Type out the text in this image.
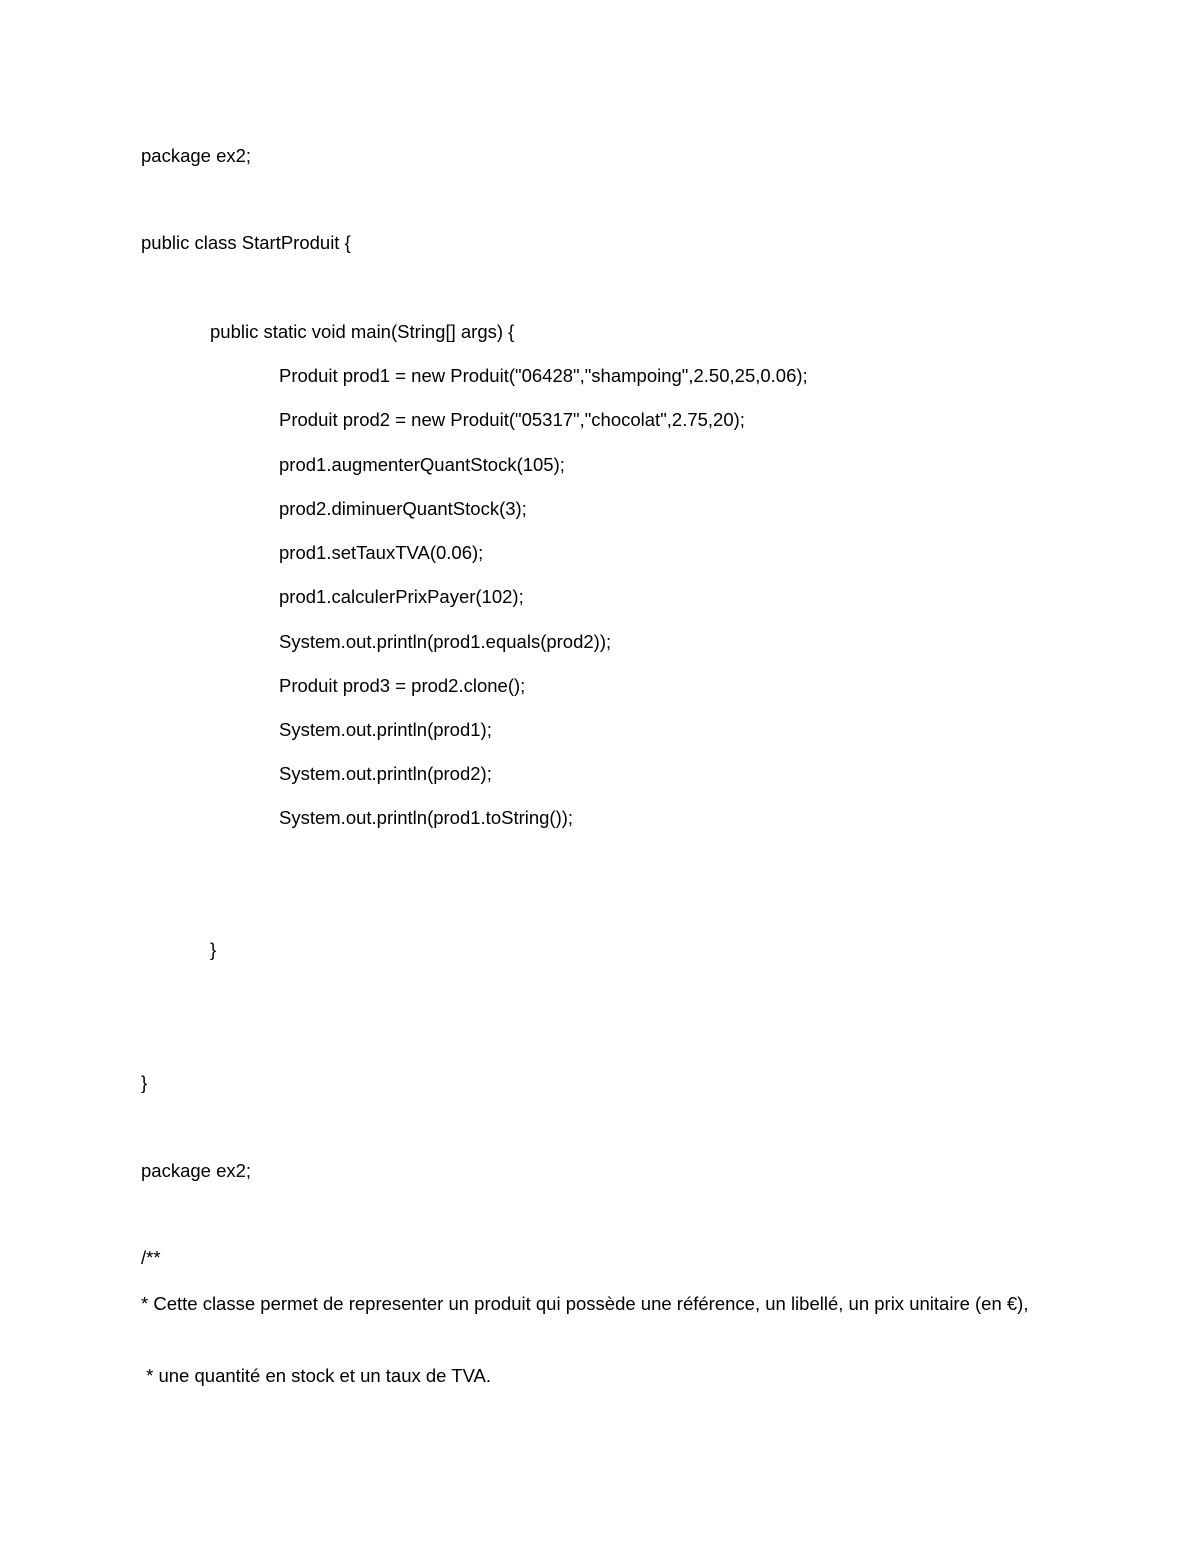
package ex2;
public class StartProduit {
public static void main(String[] args) {
Produit prod1 = new Produit("06428","shampoing",2.50,25,0.06);
Produit prod2 = new Produit("05317","chocolat",2.75,20);
prod1.augmenterQuantStock(105);
prod2.diminuerQuantStock(3);
prod1.setTauxTVA(0.06);
prod1.calculerPrixPayer(102);
System.out.println(prod1.equals(prod2));
Produit prod3 = prod2.clone();
System.out.println(prod1);
System.out.println(prod2);
System.out.println(prod1.toString());
}
}
package ex2;
/**
* Cette classe permet de representer un produit qui possède une référence, un libellé, un prix unitaire (en €),
* une quantité en stock et un taux de TVA.
